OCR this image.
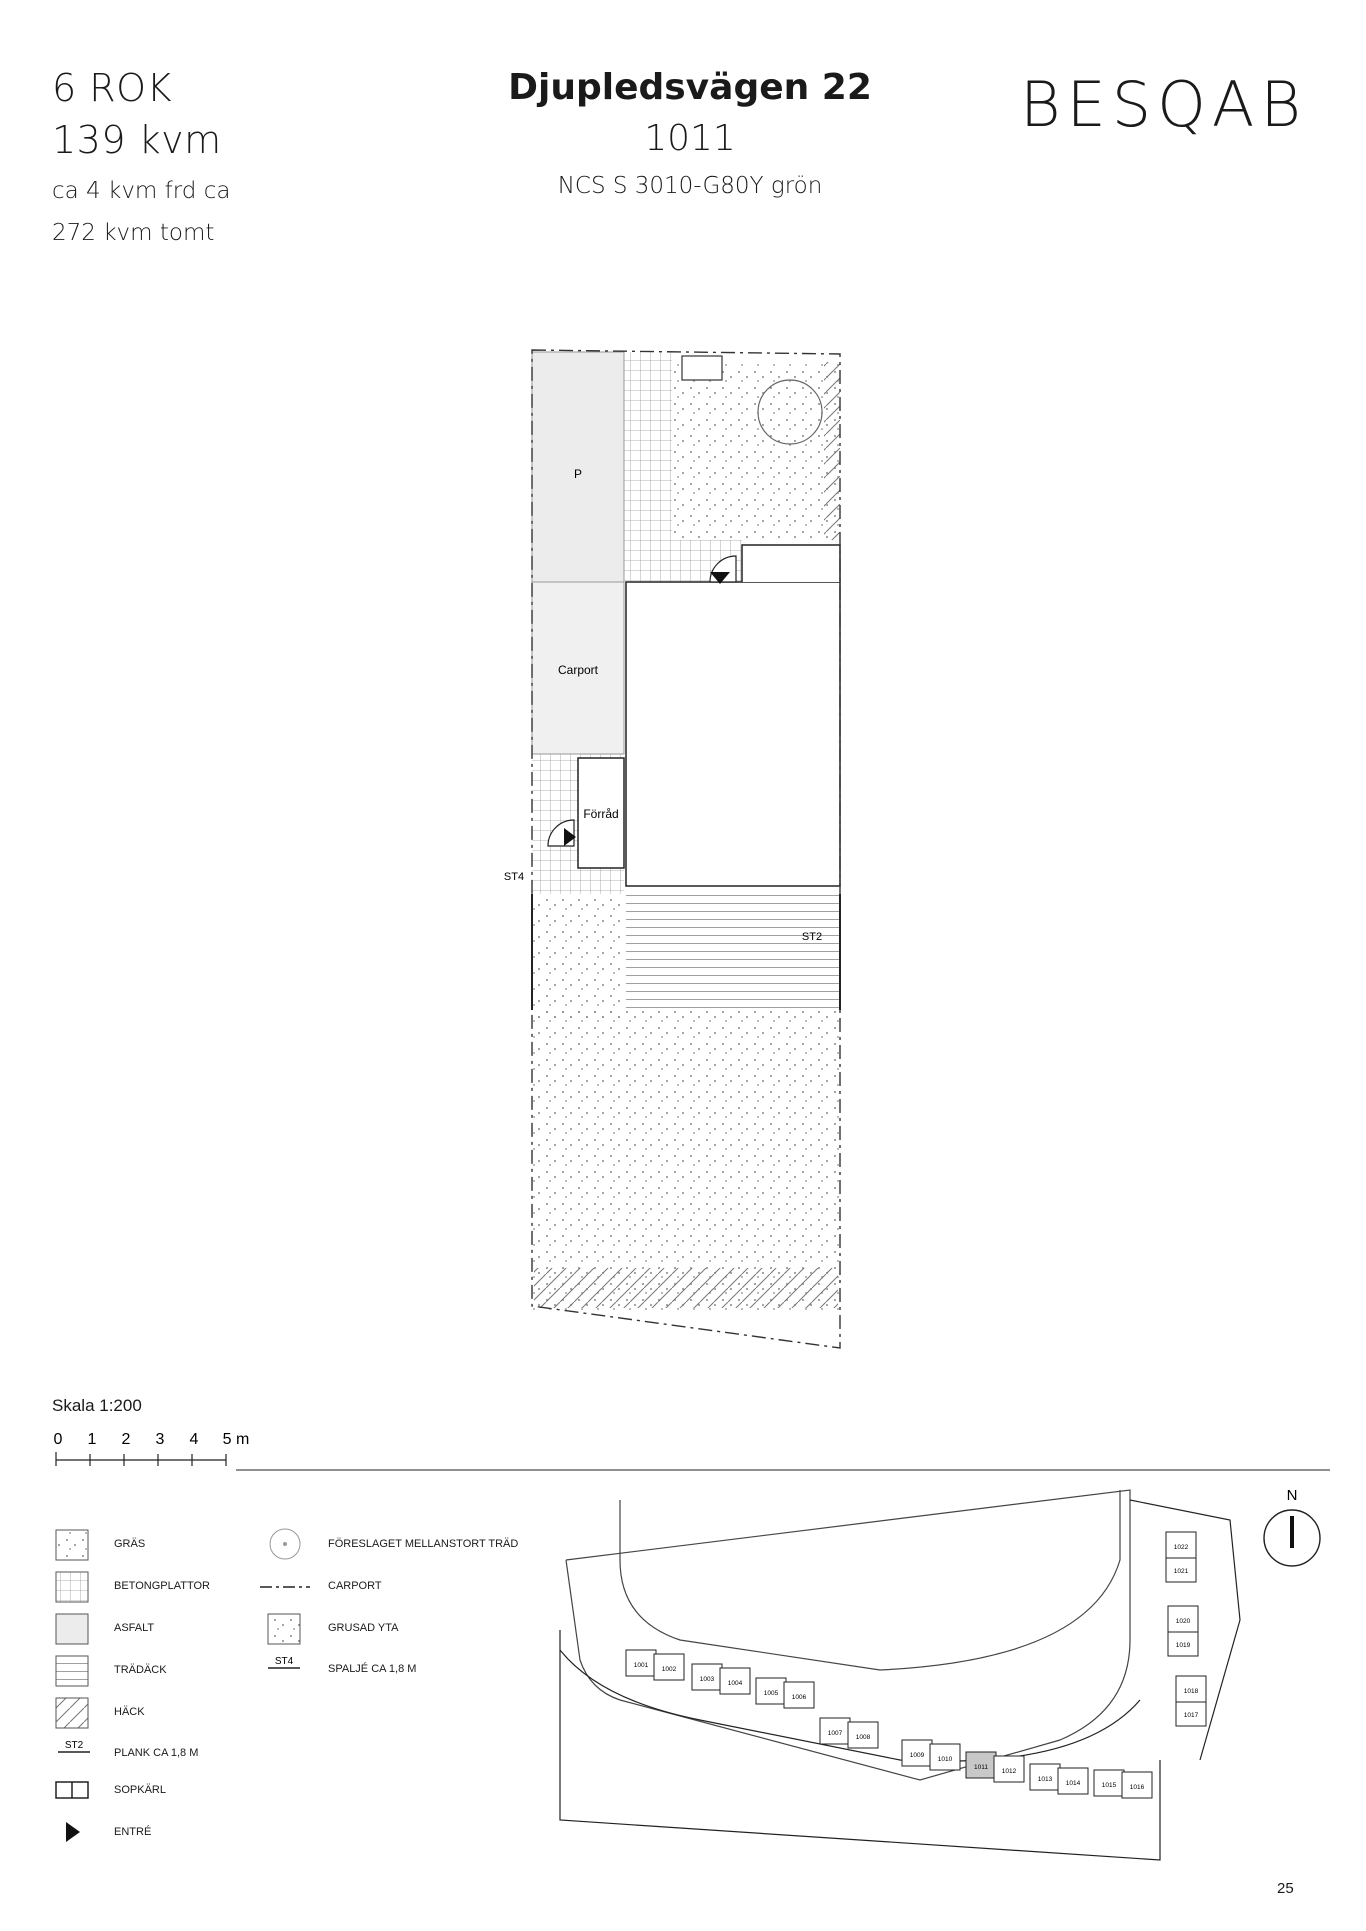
6 ROK
139 kvm
ca 4 kvm frd ca
272 kvm tomt
Djupledsvägen 22
1011
NCS S 3010-G80Y grön
BESQAB
P
Carport
Förråd
ST4
ST2
0 1 2 3 4 5 m
ST2
ST4	1001
1002
1003
1004
1005
1006
1007
1008
1009
1010
1011
1012
1013
1014	1015 1016
1017
1018
1019
1020
1021
1022
N
Skala 1:200
GRÄS
BETONGPLATTOR
ASFALT
TRÄDÄCK
HÄCK
PLANK CA 1,8 M
SOPKÄRL
ENTRÉ
FÖRESLAGET MELLANSTORT TRÄD
CARPORT
GRUSAD YTA
SPALJÉ CA 1,8 M
25
